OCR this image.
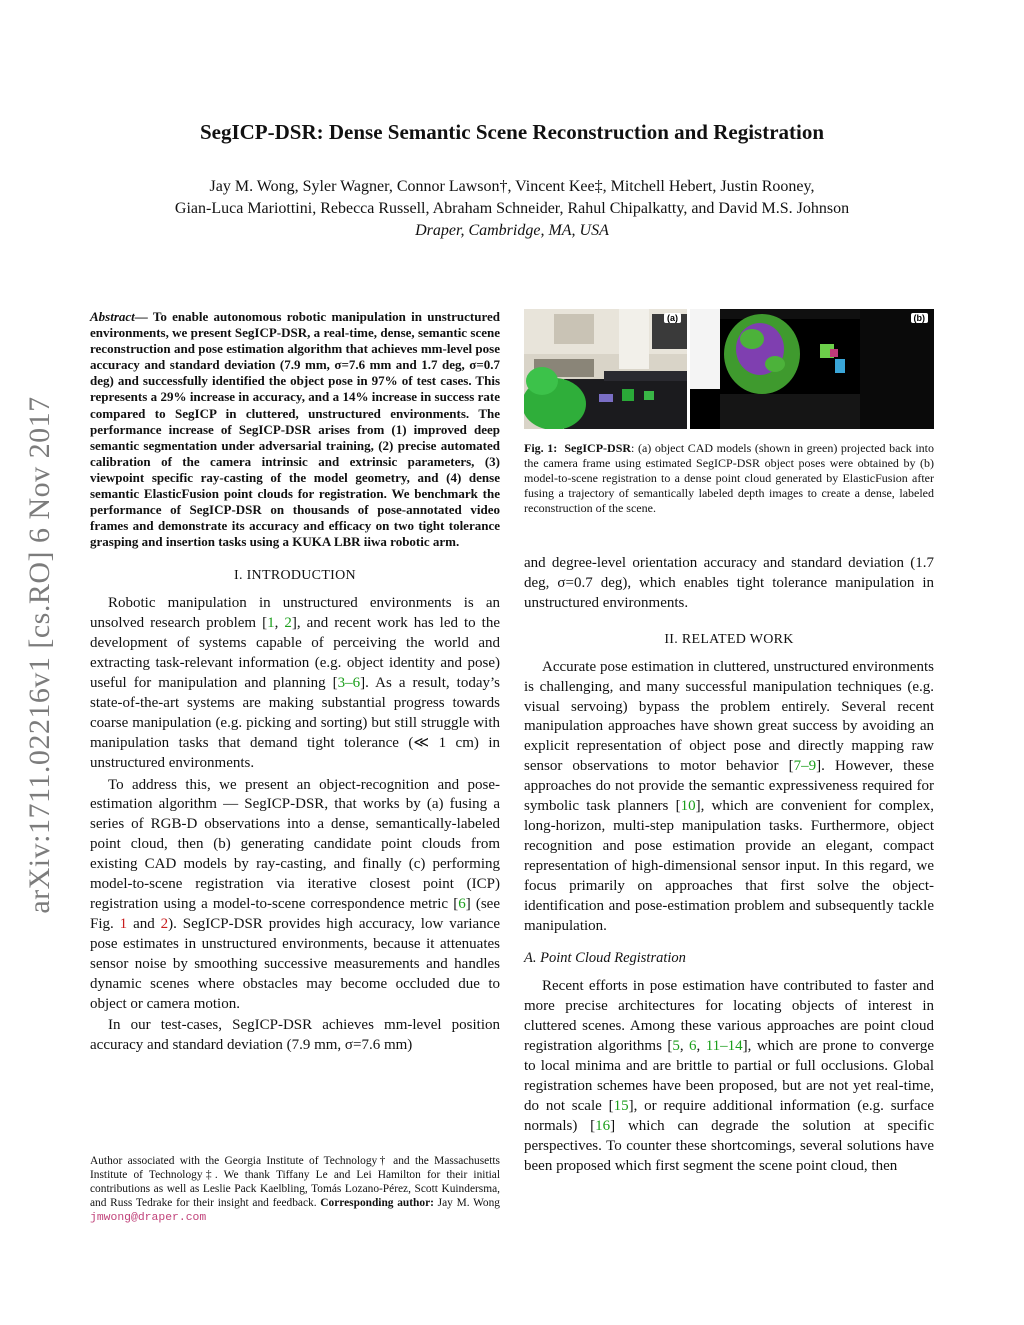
arXiv:1711.02216v1 [cs.RO] 6 Nov 2017
SegICP-DSR: Dense Semantic Scene Reconstruction and Registration
Jay M. Wong, Syler Wagner, Connor Lawson†, Vincent Kee‡, Mitchell Hebert, Justin Rooney,
Gian-Luca Mariottini, Rebecca Russell, Abraham Schneider, Rahul Chipalkatty, and David M.S. Johnson
Draper, Cambridge, MA, USA

Abstract— To enable autonomous robotic manipulation in unstructured environments, we present SegICP-DSR, a real-time, dense, semantic scene reconstruction and pose estimation algorithm that achieves mm-level pose accuracy and standard deviation (7.9 mm, σ=7.6 mm and 1.7 deg, σ=0.7 deg) and successfully identified the object pose in 97% of test cases. This represents a 29% increase in accuracy, and a 14% increase in success rate compared to SegICP in cluttered, unstructured environments. The performance increase of SegICP-DSR arises from (1) improved deep semantic segmentation under adversarial training, (2) precise automated calibration of the camera intrinsic and extrinsic parameters, (3) viewpoint specific ray-casting of the model geometry, and (4) dense semantic ElasticFusion point clouds for registration. We benchmark the performance of SegICP-DSR on thousands of pose-annotated video frames and demonstrate its accuracy and efficacy on two tight tolerance grasping and insertion tasks using a KUKA LBR iiwa robotic arm.

I. INTRODUCTION

Robotic manipulation in unstructured environments is an unsolved research problem [1, 2], and recent work has led to the development of systems capable of perceiving the world and extracting task-relevant information (e.g. object identity and pose) useful for manipulation and planning [3–6]. As a result, today’s state-of-the-art systems are making substantial progress towards coarse manipulation (e.g. picking and sorting) but still struggle with manipulation tasks that demand tight tolerance (≪ 1 cm) in unstructured environments.

To address this, we present an object-recognition and pose-estimation algorithm — SegICP-DSR, that works by (a) fusing a series of RGB-D observations into a dense, semantically-labeled point cloud, then (b) generating candidate point clouds from existing CAD models by ray-casting, and finally (c) performing model-to-scene registration via iterative closest point (ICP) registration using a model-to-scene correspondence metric [6] (see Fig. 1 and 2). SegICP-DSR provides high accuracy, low variance pose estimates in unstructured environments, because it attenuates sensor noise by smoothing successive measurements and handles dynamic scenes where obstacles may become occluded due to object or camera motion.

In our test-cases, SegICP-DSR achieves mm-level position accuracy and standard deviation (7.9 mm, σ=7.6 mm)

Author associated with the Georgia Institute of Technology† and the Massachusetts Institute of Technology‡. We thank Tiffany Le and Lei Hamilton for their initial contributions as well as Leslie Pack Kaelbling, Tomás Lozano-Pérez, Scott Kuindersma, and Russ Tedrake for their insight and feedback. Corresponding author: Jay M. Wong jmwong@draper.com
(a)	(b)
Fig. 1: SegICP-DSR: (a) object CAD models (shown in green) projected back into the camera frame using estimated SegICP-DSR object poses were obtained by (b) model-to-scene registration to a dense point cloud generated by ElasticFusion after fusing a trajectory of semantically labeled depth images to create a dense, labeled reconstruction of the scene.

and degree-level orientation accuracy and standard deviation (1.7 deg, σ=0.7 deg), which enables tight tolerance manipulation in unstructured environments.

II. RELATED WORK

Accurate pose estimation in cluttered, unstructured environments is challenging, and many successful manipulation techniques (e.g. visual servoing) bypass the problem entirely. Several recent manipulation approaches have shown great success by avoiding an explicit representation of object pose and directly mapping raw sensor observations to motor behavior [7–9]. However, these approaches do not provide the semantic expressiveness required for symbolic task planners [10], which are convenient for complex, long-horizon, multi-step manipulation tasks. Furthermore, object recognition and pose estimation provide an elegant, compact representation of high-dimensional sensor input. In this regard, we focus primarily on approaches that first solve the object-identification and pose-estimation problem and subsequently tackle manipulation.

A. Point Cloud Registration

Recent efforts in pose estimation have contributed to faster and more precise architectures for locating objects of interest in cluttered scenes. Among these various approaches are point cloud registration algorithms [5, 6, 11–14], which are prone to converge to local minima and are brittle to partial or full occlusions. Global registration schemes have been proposed, but are not yet real-time, do not scale [15], or require additional information (e.g. surface normals) [16] which can degrade the solution at specific perspectives. To counter these shortcomings, several solutions have been proposed which first segment the scene point cloud, then
